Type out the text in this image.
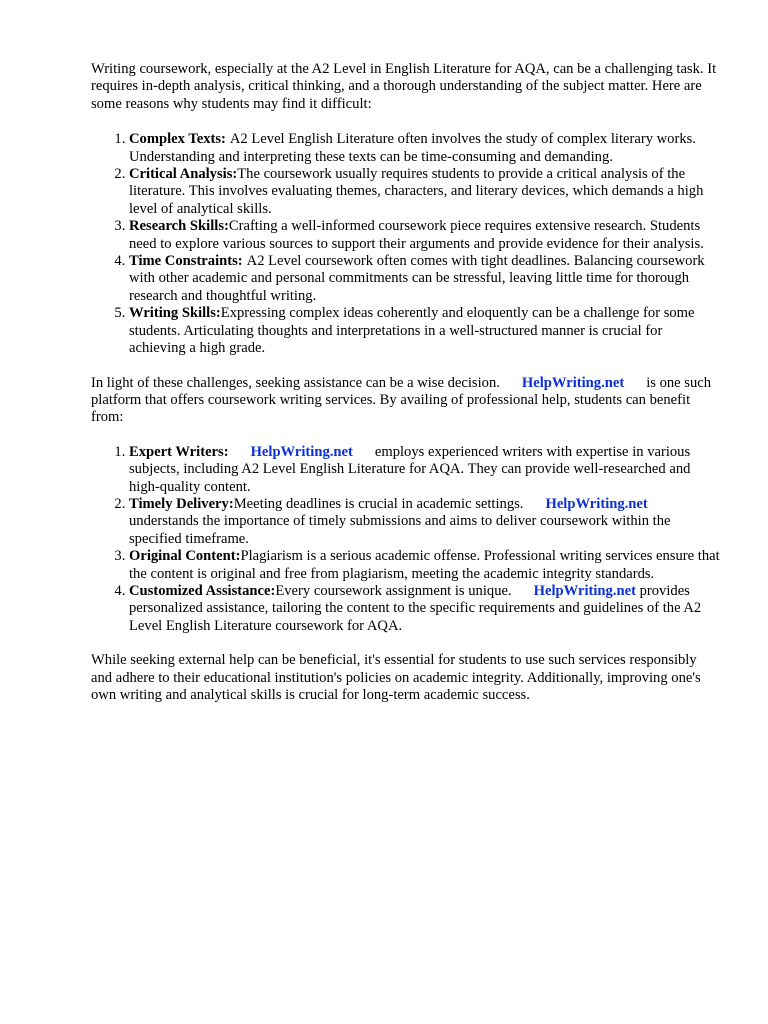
Writing coursework, especially at the A2 Level in English Literature for AQA, can be a challenging task. It requires in-depth analysis, critical thinking, and a thorough understanding of the subject matter. Here are some reasons why students may find it difficult:

1. Complex Texts: A2 Level English Literature often involves the study of complex literary works. Understanding and interpreting these texts can be time-consuming and demanding.
2. Critical Analysis:The coursework usually requires students to provide a critical analysis of the literature. This involves evaluating themes, characters, and literary devices, which demands a high level of analytical skills.
3. Research Skills:Crafting a well-informed coursework piece requires extensive research. Students need to explore various sources to support their arguments and provide evidence for their analysis.
4. Time Constraints: A2 Level coursework often comes with tight deadlines. Balancing coursework with other academic and personal commitments can be stressful, leaving little time for thorough research and thoughtful writing.
5. Writing Skills:Expressing complex ideas coherently and eloquently can be a challenge for some students. Articulating thoughts and interpretations in a well-structured manner is crucial for achieving a high grade.

In light of these challenges, seeking assistance can be a wise decision. HelpWriting.net is one such platform that offers coursework writing services. By availing of professional help, students can benefit from:

1. Expert Writers: HelpWriting.net employs experienced writers with expertise in various subjects, including A2 Level English Literature for AQA. They can provide well-researched and high-quality content.
2. Timely Delivery:Meeting deadlines is crucial in academic settings. HelpWriting.net understands the importance of timely submissions and aims to deliver coursework within the specified timeframe.
3. Original Content:Plagiarism is a serious academic offense. Professional writing services ensure that the content is original and free from plagiarism, meeting the academic integrity standards.
4. Customized Assistance:Every coursework assignment is unique. HelpWriting.net provides personalized assistance, tailoring the content to the specific requirements and guidelines of the A2 Level English Literature coursework for AQA.

While seeking external help can be beneficial, it's essential for students to use such services responsibly and adhere to their educational institution's policies on academic integrity. Additionally, improving one's own writing and analytical skills is crucial for long-term academic success.
